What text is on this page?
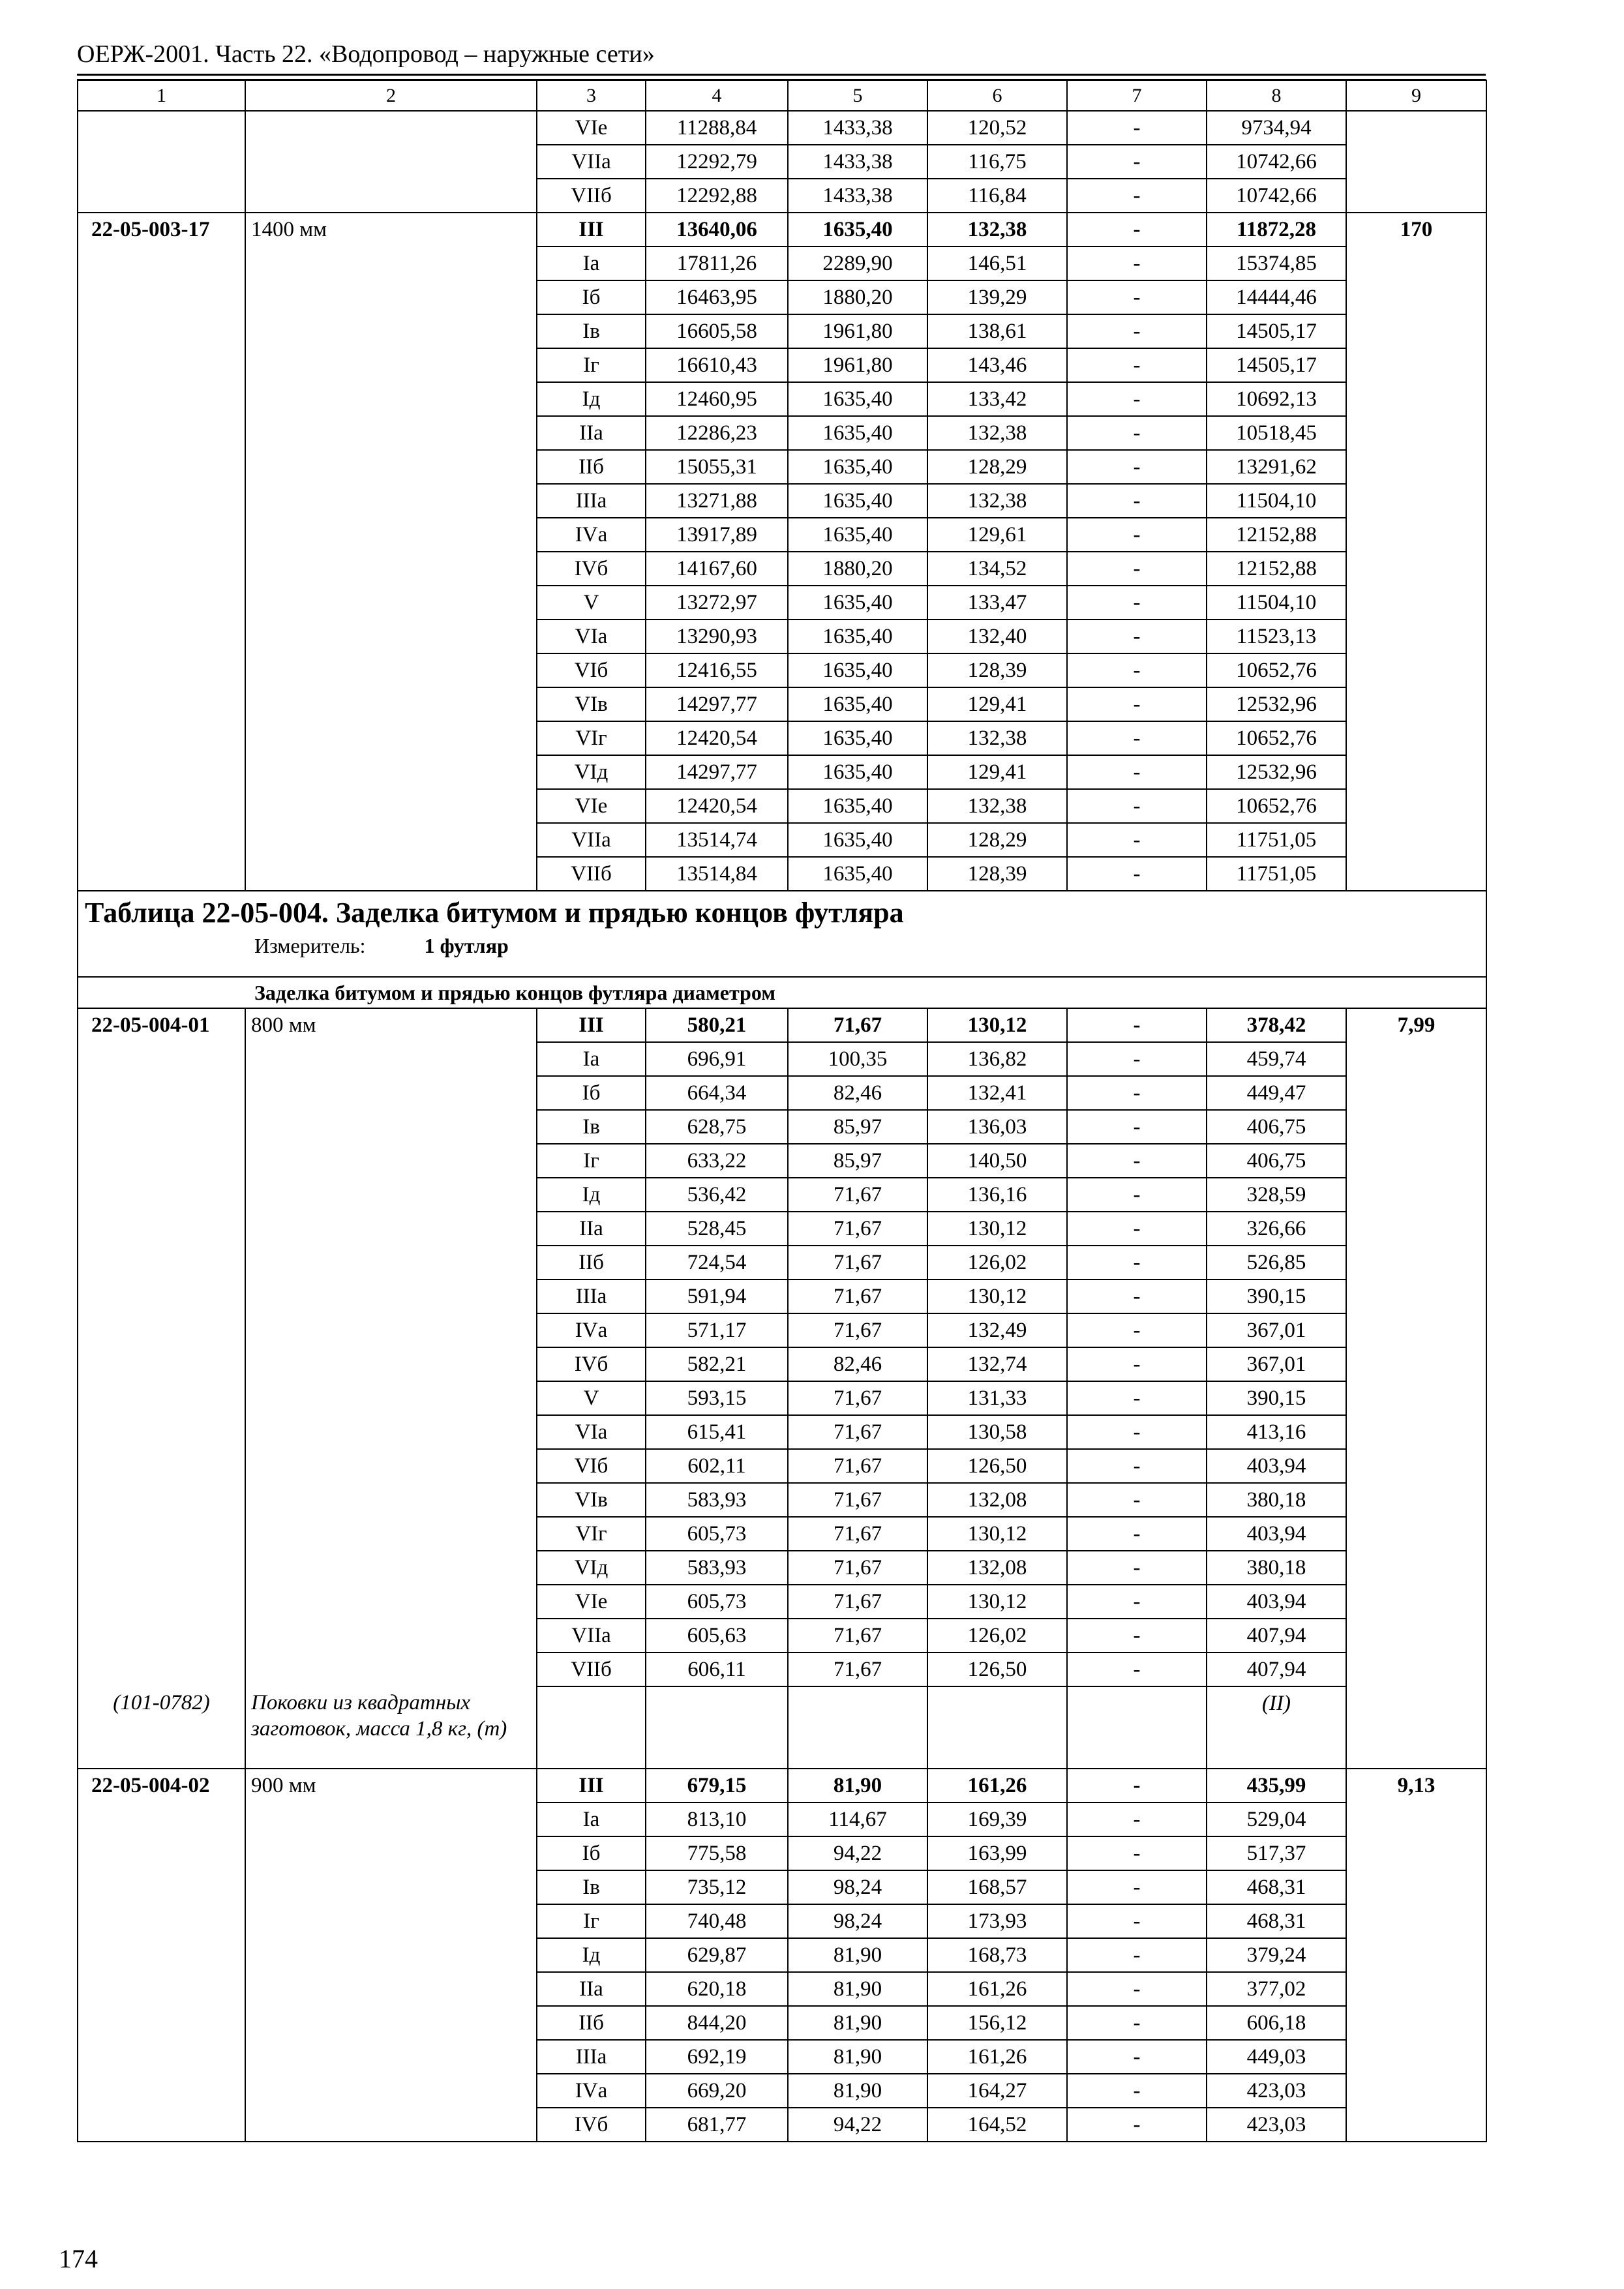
ОЕРЖ-2001. Часть 22. «Водопровод – наружные сети»
1	2	3	4	5	6	7	8	9
		VIе	11288,84	1433,38	120,52	-	9734,94	
		VIIа	12292,79	1433,38	116,75	-	10742,66	
		VIIб	12292,88	1433,38	116,84	-	10742,66	
22-05-003-17	1400 мм	III	13640,06	1635,40	132,38	-	11872,28	170
		Iа	17811,26	2289,90	146,51	-	15374,85	
		Iб	16463,95	1880,20	139,29	-	14444,46	
		Iв	16605,58	1961,80	138,61	-	14505,17	
		Iг	16610,43	1961,80	143,46	-	14505,17	
		Iд	12460,95	1635,40	133,42	-	10692,13	
		IIа	12286,23	1635,40	132,38	-	10518,45	
		IIб	15055,31	1635,40	128,29	-	13291,62	
		IIIа	13271,88	1635,40	132,38	-	11504,10	
		IVа	13917,89	1635,40	129,61	-	12152,88	
		IVб	14167,60	1880,20	134,52	-	12152,88	
		V	13272,97	1635,40	133,47	-	11504,10	
		VIа	13290,93	1635,40	132,40	-	11523,13	
		VIб	12416,55	1635,40	128,39	-	10652,76	
		VIв	14297,77	1635,40	129,41	-	12532,96	
		VIг	12420,54	1635,40	132,38	-	10652,76	
		VIд	14297,77	1635,40	129,41	-	12532,96	
		VIе	12420,54	1635,40	132,38	-	10652,76	
		VIIа	13514,74	1635,40	128,29	-	11751,05	
		VIIб	13514,84	1635,40	128,39	-	11751,05	

Таблица 22-05-004. Заделка битумом и прядью концов футляра
Измеритель: 1 футляр								

Заделка битумом и прядью концов футляра диаметром								
22-05-004-01	800 мм	III	580,21	71,67	130,12	-	378,42	7,99
		Iа	696,91	100,35	136,82	-	459,74	
		Iб	664,34	82,46	132,41	-	449,47	
		Iв	628,75	85,97	136,03	-	406,75	
		Iг	633,22	85,97	140,50	-	406,75	
		Iд	536,42	71,67	136,16	-	328,59	
		IIа	528,45	71,67	130,12	-	326,66	
		IIб	724,54	71,67	126,02	-	526,85	
		IIIа	591,94	71,67	130,12	-	390,15	
		IVа	571,17	71,67	132,49	-	367,01	
		IVб	582,21	82,46	132,74	-	367,01	
		V	593,15	71,67	131,33	-	390,15	
		VIа	615,41	71,67	130,58	-	413,16	
		VIб	602,11	71,67	126,50	-	403,94	
		VIв	583,93	71,67	132,08	-	380,18	
		VIг	605,73	71,67	130,12	-	403,94	
		VIд	583,93	71,67	132,08	-	380,18	
		VIе	605,73	71,67	130,12	-	403,94	
		VIIа	605,63	71,67	126,02	-	407,94	
		VIIб	606,11	71,67	126,50	-	407,94	
(101-0782)	Поковки из квадратных заготовок, масса 1,8 кг, (т)						(II)	
22-05-004-02	900 мм	III	679,15	81,90	161,26	-	435,99	9,13
		Iа	813,10	114,67	169,39	-	529,04	
		Iб	775,58	94,22	163,99	-	517,37	
		Iв	735,12	98,24	168,57	-	468,31	
		Iг	740,48	98,24	173,93	-	468,31	
		Iд	629,87	81,90	168,73	-	379,24	
		IIа	620,18	81,90	161,26	-	377,02	
		IIб	844,20	81,90	156,12	-	606,18	
		IIIа	692,19	81,90	161,26	-	449,03	
		IVа	669,20	81,90	164,27	-	423,03	
		IVб	681,77	94,22	164,52	-	423,03	
174
